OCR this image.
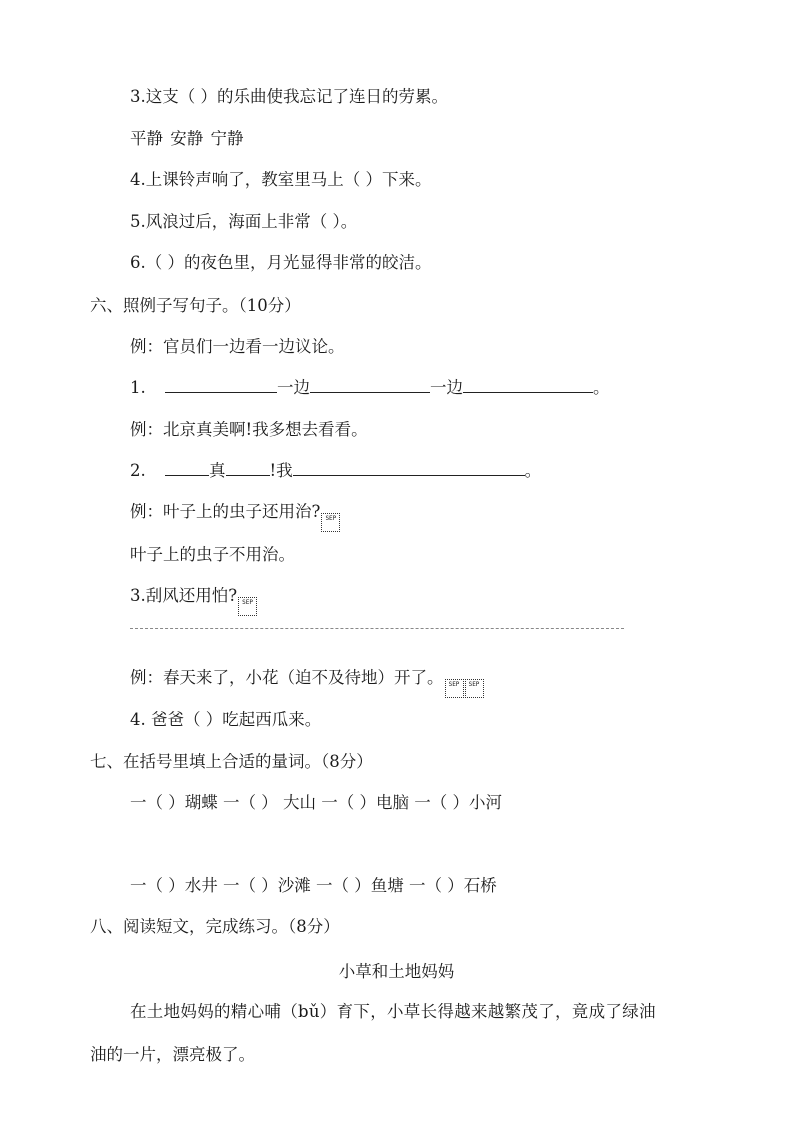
3.这支（ ）的乐曲使我忘记了连日的劳累。
平静 安静 宁静
4.上课铃声响了，教室里马上（ ）下来。
5.风浪过后，海面上非常（ ）。
6.（ ）的夜色里，月光显得非常的皎洁。
六、照例子写句子。（10分）
例：官员们一边看一边议论。
1.	一边	一边	。
例：北京真美啊!我多想去看看。
2.	真	!我	。
例：叶子上的虫子还用治? SEP
叶子上的虫子不用治。
3.刮风还用怕? SEP
例：春天来了，小花（迫不及待地）开了。 SEP SEP
4. 爸爸（ ）吃起西瓜来。
七、在括号里填上合适的量词。（8分）
一（ ）瑚蝶 一（ ） 大山 一（ ）电脑 一（ ）小河
一（ ）水井 一（ ）沙滩 一（ ）鱼塘 一（ ）石桥
八、阅读短文，完成练习。（8分）
小草和土地妈妈
在土地妈妈的精心哺（bǔ）育下，小草长得越来越繁茂了，竟成了绿油
油的一片，漂亮极了。
